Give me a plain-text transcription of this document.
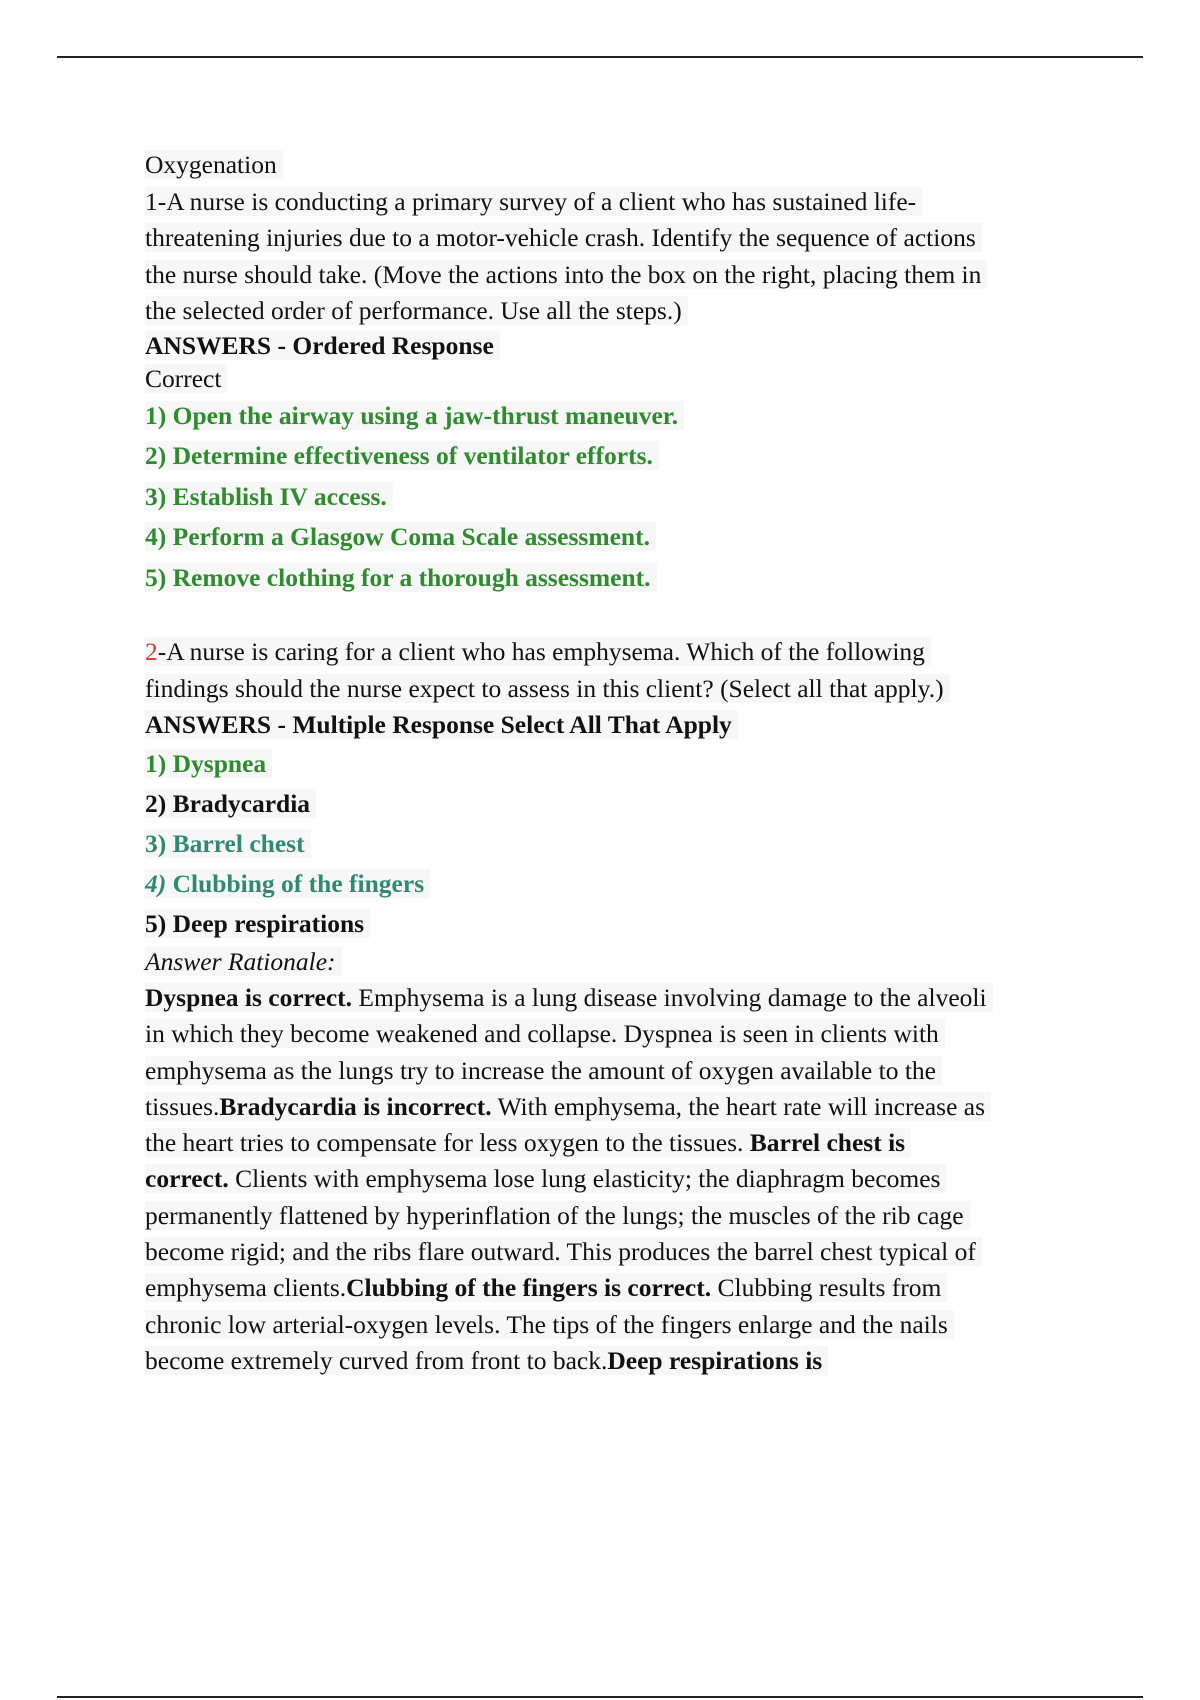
Oxygenation
1-A nurse is conducting a primary survey of a client who has sustained life-
threatening injuries due to a motor-vehicle crash. Identify the sequence of actions
the nurse should take. (Move the actions into the box on the right, placing them in
the selected order of performance. Use all the steps.)
ANSWERS - Ordered Response
Correct
1) Open the airway using a jaw-thrust maneuver.
2) Determine effectiveness of ventilator efforts.
3) Establish IV access.
4) Perform a Glasgow Coma Scale assessment.
5) Remove clothing for a thorough assessment.
2-A nurse is caring for a client who has emphysema. Which of the following
findings should the nurse expect to assess in this client? (Select all that apply.)
ANSWERS - Multiple Response Select All That Apply
1) Dyspnea
2) Bradycardia
3) Barrel chest
4) Clubbing of the fingers
5) Deep respirations
Answer Rationale:
Dyspnea is correct. Emphysema is a lung disease involving damage to the alveoli
in which they become weakened and collapse. Dyspnea is seen in clients with
emphysema as the lungs try to increase the amount of oxygen available to the
tissues.Bradycardia is incorrect. With emphysema, the heart rate will increase as
the heart tries to compensate for less oxygen to the tissues. Barrel chest is
correct. Clients with emphysema lose lung elasticity; the diaphragm becomes
permanently flattened by hyperinflation of the lungs; the muscles of the rib cage
become rigid; and the ribs flare outward. This produces the barrel chest typical of
emphysema clients.Clubbing of the fingers is correct. Clubbing results from
chronic low arterial-oxygen levels. The tips of the fingers enlarge and the nails
become extremely curved from front to back.Deep respirations is
